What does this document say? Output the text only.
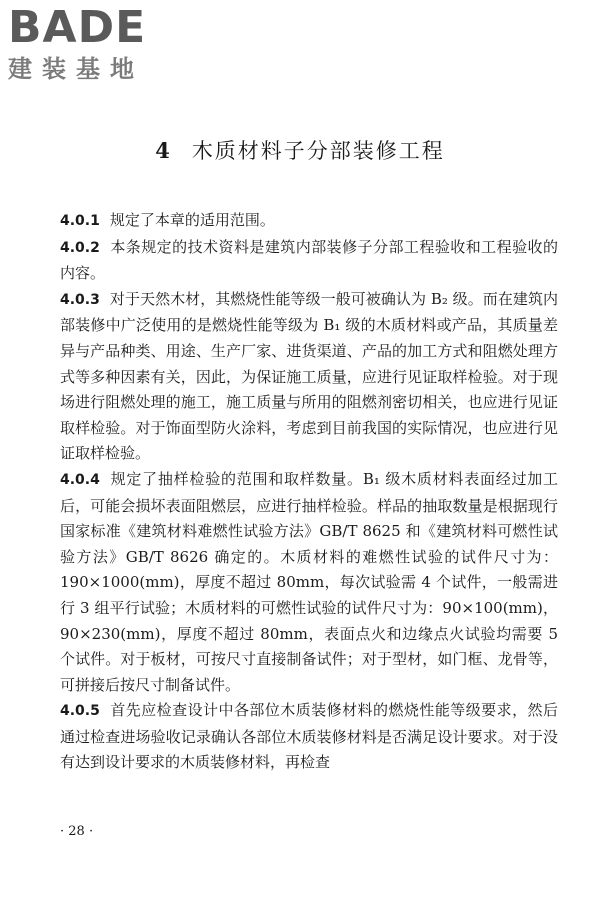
BADE
建装基地
4 木质材料子分部装修工程

4.0.1 规定了本章的适用范围。

4.0.2 本条规定的技术资料是建筑内部装修子分部工程验收和工程验收的内容。

4.0.3 对于天然木材，其燃烧性能等级一般可被确认为 B₂ 级。而在建筑内部装修中广泛使用的是燃烧性能等级为 B₁ 级的木质材料或产品，其质量差异与产品种类、用途、生产厂家、进货渠道、产品的加工方式和阻燃处理方式等多种因素有关，因此，为保证施工质量，应进行见证取样检验。对于现场进行阻燃处理的施工，施工质量与所用的阻燃剂密切相关，也应进行见证取样检验。对于饰面型防火涂料，考虑到目前我国的实际情况，也应进行见证取样检验。

4.0.4 规定了抽样检验的范围和取样数量。B₁ 级木质材料表面经过加工后，可能会损坏表面阻燃层，应进行抽样检验。样品的抽取数量是根据现行国家标准《建筑材料难燃性试验方法》GB/T 8625 和《建筑材料可燃性试验方法》GB/T 8626 确定的。木质材料的难燃性试验的试件尺寸为：190×1000(mm)，厚度不超过 80mm，每次试验需 4 个试件，一般需进行 3 组平行试验；木质材料的可燃性试验的试件尺寸为：90×100(mm)，90×230(mm)，厚度不超过 80mm，表面点火和边缘点火试验均需要 5 个试件。对于板材，可按尺寸直接制备试件；对于型材，如门框、龙骨等，可拼接后按尺寸制备试件。

4.0.5 首先应检查设计中各部位木质装修材料的燃烧性能等级要求，然后通过检查进场验收记录确认各部位木质装修材料是否满足设计要求。对于没有达到设计要求的木质装修材料，再检查

· 28 ·
